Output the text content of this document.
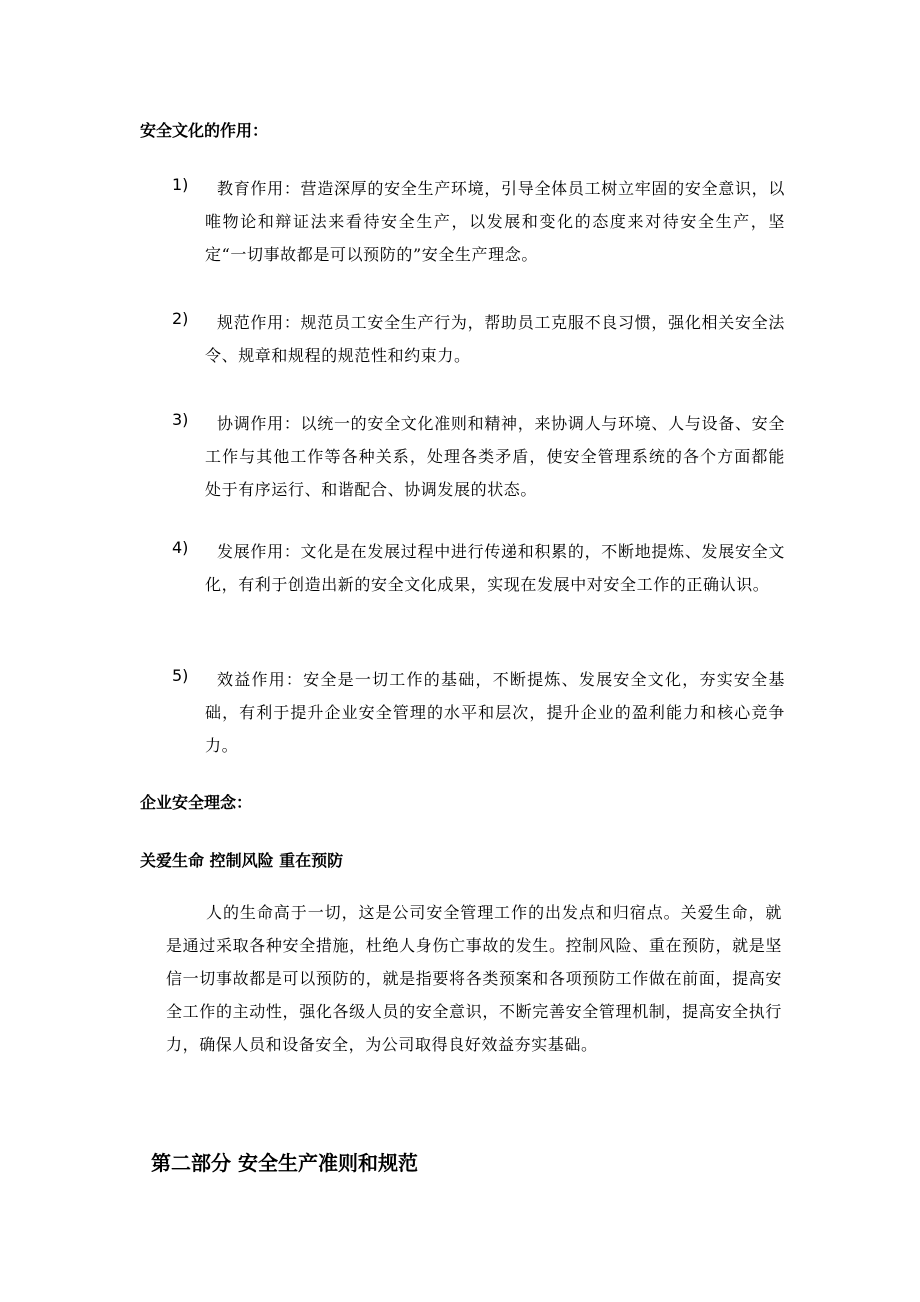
安全文化的作用：
1)	教育作用：营造深厚的安全生产环境，引导全体员工树立牢固的安全意识，以唯物论和辩证法来看待安全生产，以发展和变化的态度来对待安全生产，坚定“一切事故都是可以预防的”安全生产理念。
2)	规范作用：规范员工安全生产行为，帮助员工克服不良习惯，强化相关安全法令、规章和规程的规范性和约束力。
3)	协调作用：以统一的安全文化准则和精神，来协调人与环境、人与设备、安全工作与其他工作等各种关系，处理各类矛盾，使安全管理系统的各个方面都能处于有序运行、和谐配合、协调发展的状态。
4)	发展作用：文化是在发展过程中进行传递和积累的，不断地提炼、发展安全文化，有利于创造出新的安全文化成果，实现在发展中对安全工作的正确认识。
5)	效益作用：安全是一切工作的基础，不断提炼、发展安全文化，夯实安全基础，有利于提升企业安全管理的水平和层次，提升企业的盈利能力和核心竞争力。
企业安全理念：
关爱生命 控制风险 重在预防
人的生命高于一切，这是公司安全管理工作的出发点和归宿点。关爱生命，就是通过采取各种安全措施，杜绝人身伤亡事故的发生。控制风险、重在预防，就是坚信一切事故都是可以预防的，就是指要将各类预案和各项预防工作做在前面，提高安全工作的主动性，强化各级人员的安全意识，不断完善安全管理机制，提高安全执行力，确保人员和设备安全，为公司取得良好效益夯实基础。
第二部分 安全生产准则和规范
